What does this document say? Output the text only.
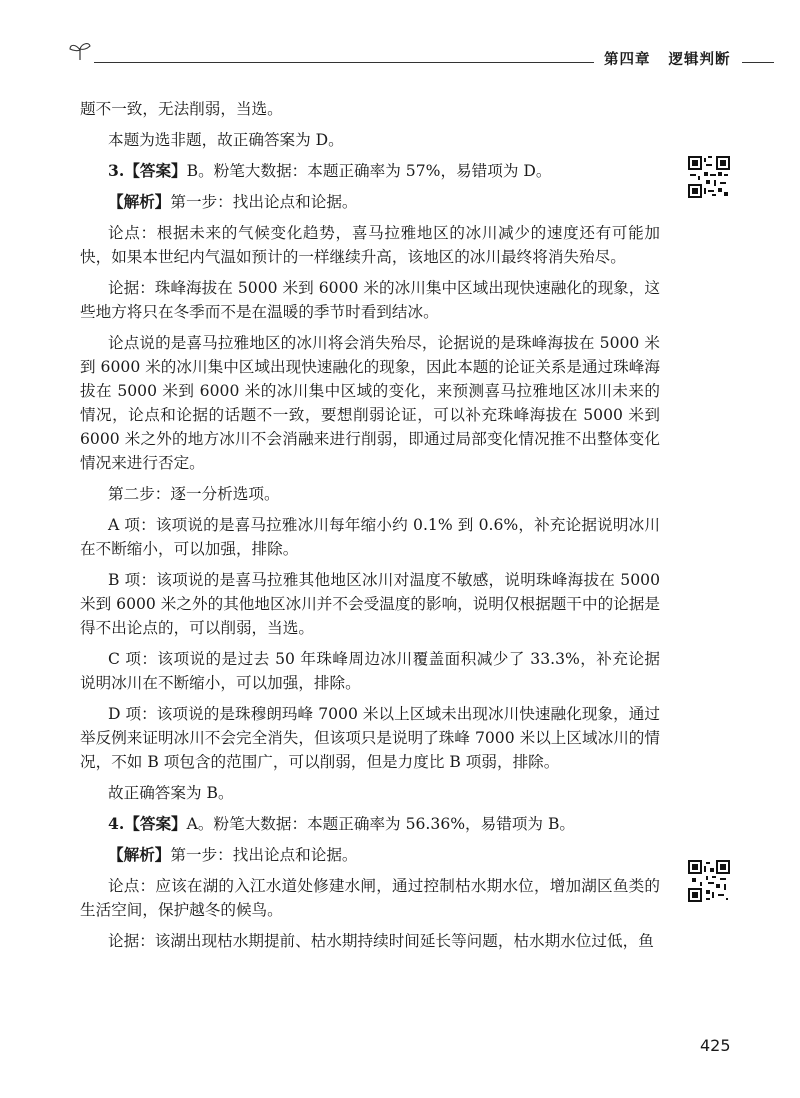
第四章 逻辑判断

题不一致，无法削弱，当选。

本题为选非题，故正确答案为 D。

3.【答案】B。粉笔大数据：本题正确率为 57%，易错项为 D。

【解析】第一步：找出论点和论据。

论点：根据未来的气候变化趋势，喜马拉雅地区的冰川减少的速度还有可能加快，如果本世纪内气温如预计的一样继续升高，该地区的冰川最终将消失殆尽。

论据：珠峰海拔在 5000 米到 6000 米的冰川集中区域出现快速融化的现象，这些地方将只在冬季而不是在温暖的季节时看到结冰。

论点说的是喜马拉雅地区的冰川将会消失殆尽，论据说的是珠峰海拔在 5000 米到 6000 米的冰川集中区域出现快速融化的现象，因此本题的论证关系是通过珠峰海拔在 5000 米到 6000 米的冰川集中区域的变化，来预测喜马拉雅地区冰川未来的情况，论点和论据的话题不一致，要想削弱论证，可以补充珠峰海拔在 5000 米到 6000 米之外的地方冰川不会消融来进行削弱，即通过局部变化情况推不出整体变化情况来进行否定。

第二步：逐一分析选项。

A 项：该项说的是喜马拉雅冰川每年缩小约 0.1% 到 0.6%，补充论据说明冰川在不断缩小，可以加强，排除。

B 项：该项说的是喜马拉雅其他地区冰川对温度不敏感，说明珠峰海拔在 5000 米到 6000 米之外的其他地区冰川并不会受温度的影响，说明仅根据题干中的论据是得不出论点的，可以削弱，当选。

C 项：该项说的是过去 50 年珠峰周边冰川覆盖面积减少了 33.3%，补充论据说明冰川在不断缩小，可以加强，排除。

D 项：该项说的是珠穆朗玛峰 7000 米以上区域未出现冰川快速融化现象，通过举反例来证明冰川不会完全消失，但该项只是说明了珠峰 7000 米以上区域冰川的情况，不如 B 项包含的范围广，可以削弱，但是力度比 B 项弱，排除。

故正确答案为 B。

4.【答案】A。粉笔大数据：本题正确率为 56.36%，易错项为 B。

【解析】第一步：找出论点和论据。

论点：应该在湖的入江水道处修建水闸，通过控制枯水期水位，增加湖区鱼类的生活空间，保护越冬的候鸟。

论据：该湖出现枯水期提前、枯水期持续时间延长等问题，枯水期水位过低，鱼

425
